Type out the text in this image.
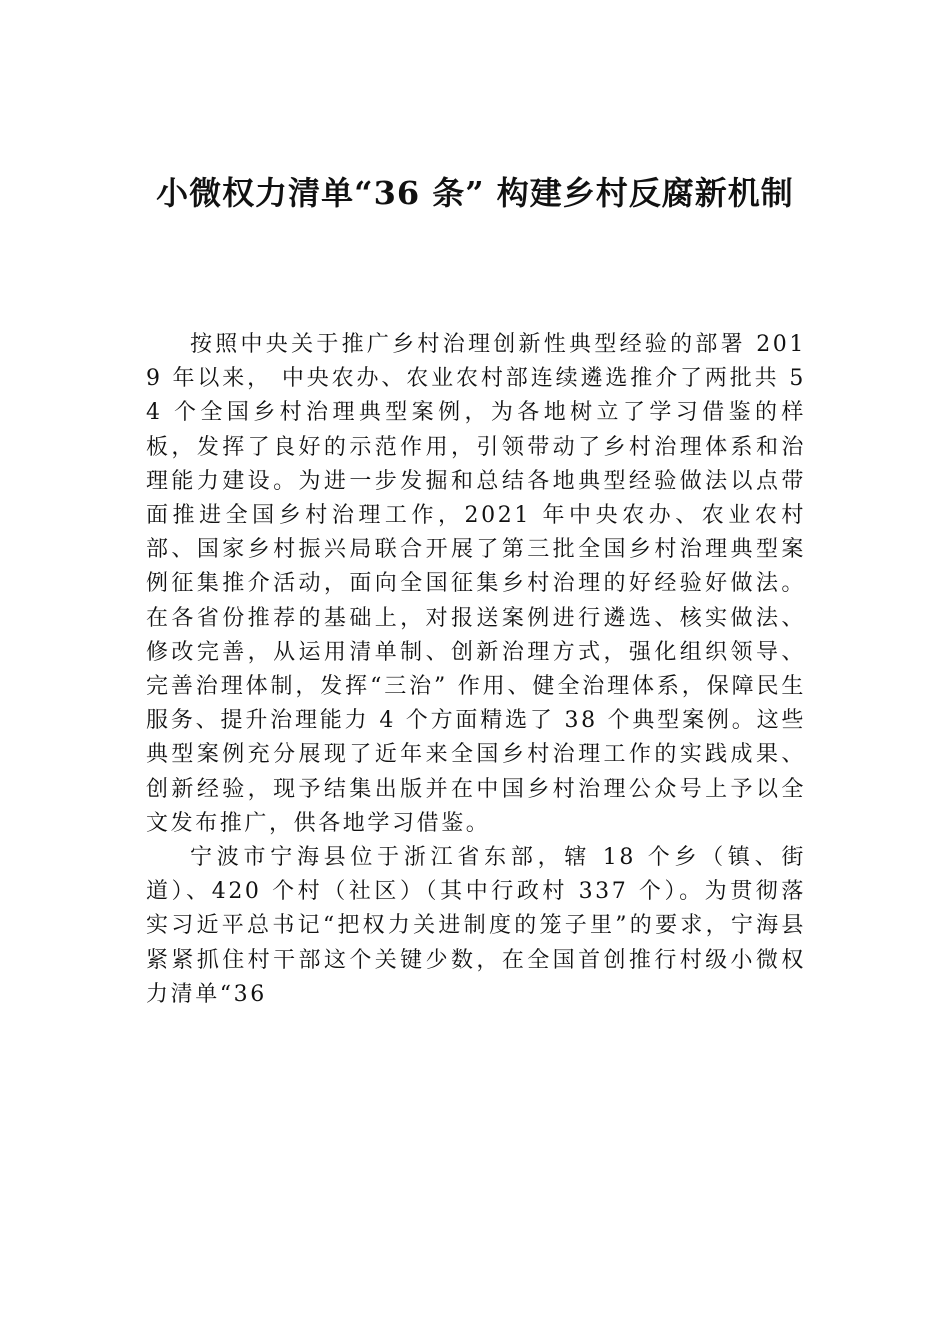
小微权力清单“36 条” 构建乡村反腐新机制

按照中央关于推广乡村治理创新性典型经验的部署 2019 年以来， 中央农办、农业农村部连续遴选推介了两批共 54 个全国乡村治理典型案例，为各地树立了学习借鉴的样板，发挥了良好的示范作用，引领带动了乡村治理体系和治理能力建设。为进一步发掘和总结各地典型经验做法以点带面推进全国乡村治理工作，2021 年中央农办、农业农村部、国家乡村振兴局联合开展了第三批全国乡村治理典型案例征集推介活动，面向全国征集乡村治理的好经验好做法。在各省份推荐的基础上，对报送案例进行遴选、核实做法、修改完善，从运用清单制、创新治理方式，强化组织领导、完善治理体制，发挥“三治” 作用、健全治理体系，保障民生服务、提升治理能力 4 个方面精选了 38 个典型案例。这些典型案例充分展现了近年来全国乡村治理工作的实践成果、创新经验，现予结集出版并在中国乡村治理公众号上予以全文发布推广，供各地学习借鉴。

宁波市宁海县位于浙江省东部，辖 18 个乡（镇、街道）、420 个村（社区）（其中行政村 337 个）。为贯彻落实习近平总书记“把权力关进制度的笼子里”的要求，宁海县紧紧抓住村干部这个关键少数，在全国首创推行村级小微权力清单“36
